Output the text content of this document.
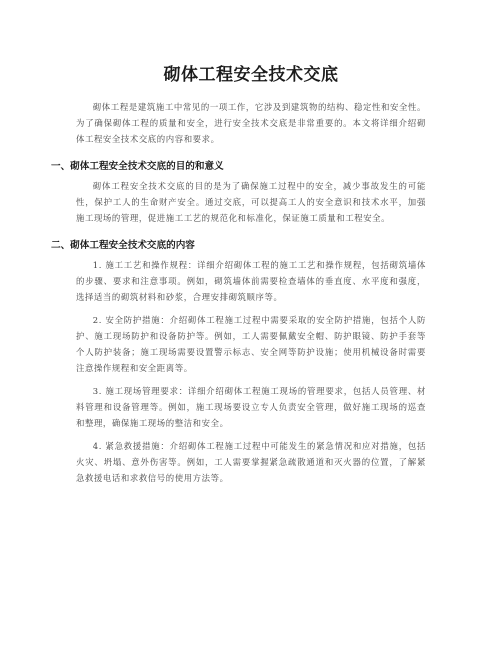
砌体工程安全技术交底

砌体工程是建筑施工中常见的一项工作，它涉及到建筑物的结构、稳定性和安全性。为了确保砌体工程的质量和安全，进行安全技术交底是非常重要的。本文将详细介绍砌体工程安全技术交底的内容和要求。

一、砌体工程安全技术交底的目的和意义

砌体工程安全技术交底的目的是为了确保施工过程中的安全，减少事故发生的可能性，保护工人的生命财产安全。通过交底，可以提高工人的安全意识和技术水平，加强施工现场的管理，促进施工工艺的规范化和标准化，保证施工质量和工程安全。

二、砌体工程安全技术交底的内容

1. 施工工艺和操作规程：详细介绍砌体工程的施工工艺和操作规程，包括砌筑墙体的步骤、要求和注意事项。例如，砌筑墙体前需要检查墙体的垂直度、水平度和强度，选择适当的砌筑材料和砂浆，合理安排砌筑顺序等。

2. 安全防护措施：介绍砌体工程施工过程中需要采取的安全防护措施，包括个人防护、施工现场防护和设备防护等。例如，工人需要佩戴安全帽、防护眼镜、防护手套等个人防护装备；施工现场需要设置警示标志、安全网等防护设施；使用机械设备时需要注意操作规程和安全距离等。

3. 施工现场管理要求：详细介绍砌体工程施工现场的管理要求，包括人员管理、材料管理和设备管理等。例如，施工现场要设立专人负责安全管理，做好施工现场的巡查和整理，确保施工现场的整洁和安全。

4. 紧急救援措施：介绍砌体工程施工过程中可能发生的紧急情况和应对措施，包括火灾、坍塌、意外伤害等。例如，工人需要掌握紧急疏散通道和灭火器的位置，了解紧急救援电话和求救信号的使用方法等。
